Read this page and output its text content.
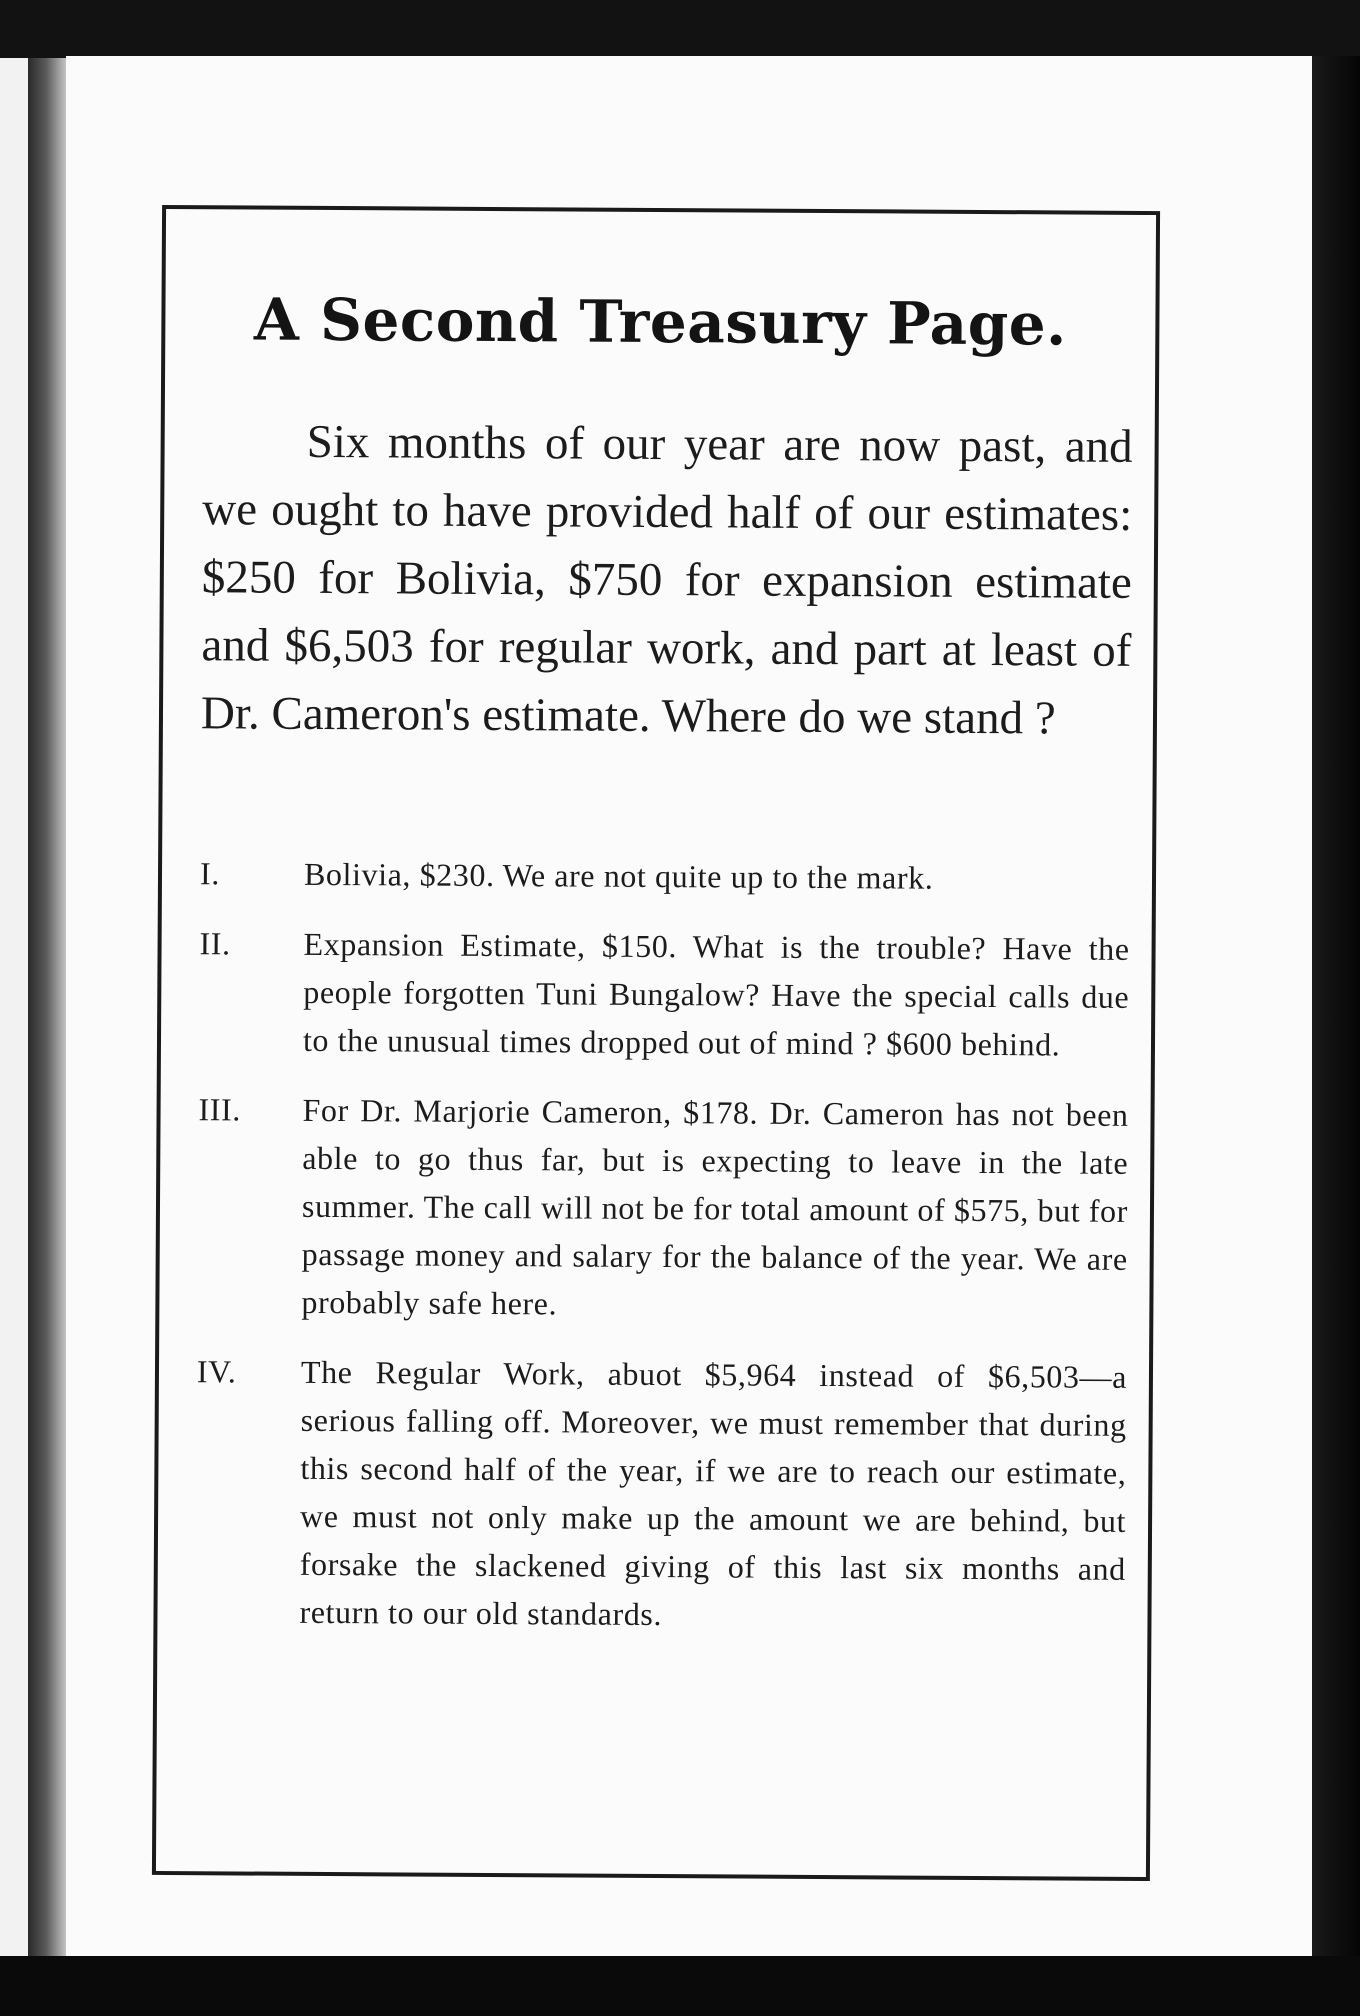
A Second Treasury Page.
Six months of our year are now past, and we ought to have provided half of our estimates: $250 for Bolivia, $750 for expansion estimate and $6,503 for regular work, and part at least of Dr. Cameron's estimate. Where do we stand ?
I.	Bolivia, $230. We are not quite up to the mark.

II.	Expansion Estimate, $150. What is the trouble? Have the people forgotten Tuni Bungalow? Have the special calls due to the unusual times dropped out of mind ? $600 behind.

III.	For Dr. Marjorie Cameron, $178. Dr. Cameron has not been able to go thus far, but is expecting to leave in the late summer. The call will not be for total amount of $575, but for passage money and salary for the balance of the year. We are probably safe here.

IV.	The Regular Work, abuot $5,964 instead of $6,503—a serious falling off. Moreover, we must remember that during this second half of the year, if we are to reach our estimate, we must not only make up the amount we are behind, but forsake the slackened giving of this last six months and return to our old standards.
